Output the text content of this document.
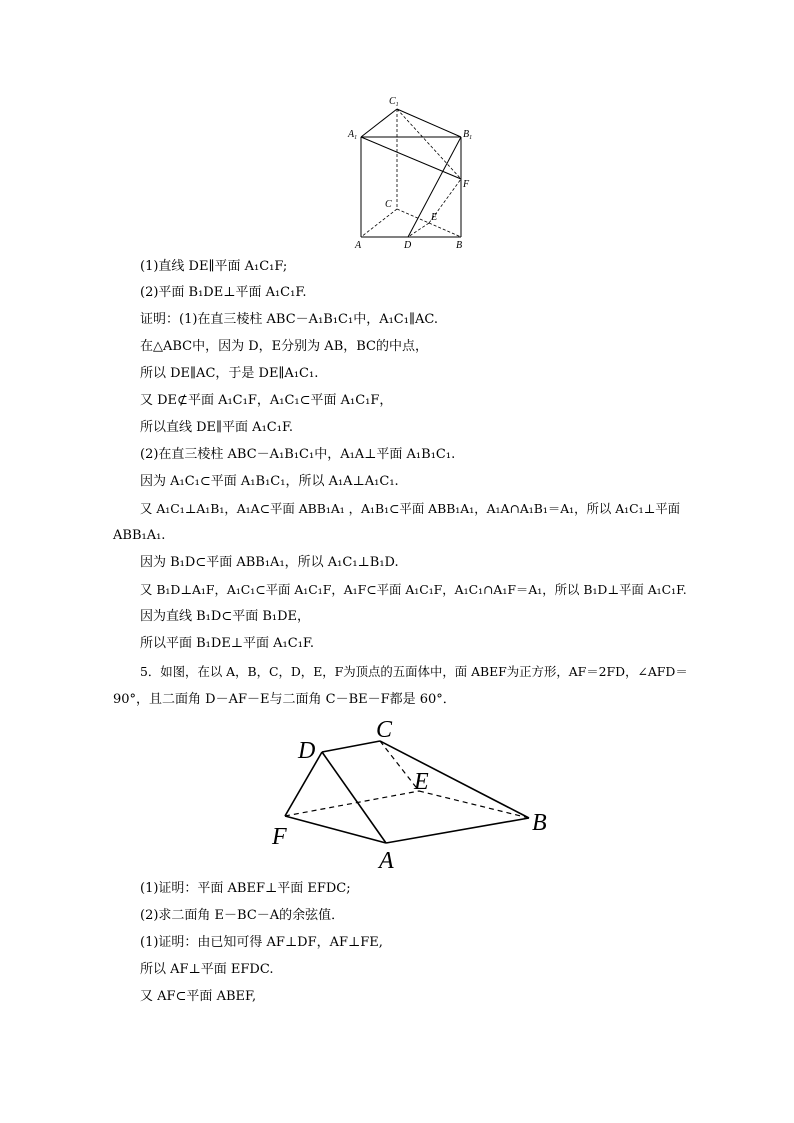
$C_1$
$A_1$	$B_1$
F
C
E
A	D	B
(1)直线 DE∥平面 A₁C₁F;
(2)平面 B₁DE⊥平面 A₁C₁F.
证明：(1)在直三棱柱 ABC－A₁B₁C₁中，A₁C₁∥AC.
在△ABC中，因为 D，E分别为 AB，BC的中点，
所以 DE∥AC，于是 DE∥A₁C₁.
又 DE⊄平面 A₁C₁F，A₁C₁⊂平面 A₁C₁F，
所以直线 DE∥平面 A₁C₁F.
(2)在直三棱柱 ABC－A₁B₁C₁中，A₁A⊥平面 A₁B₁C₁.
因为 A₁C₁⊂平面 A₁B₁C₁，所以 A₁A⊥A₁C₁.
又 A₁C₁⊥A₁B₁，A₁A⊂平面 ABB₁A₁ ，A₁B₁⊂平面 ABB₁A₁，A₁A∩A₁B₁＝A₁，所以 A₁C₁⊥平面
ABB₁A₁.
因为 B₁D⊂平面 ABB₁A₁，所以 A₁C₁⊥B₁D.
又 B₁D⊥A₁F，A₁C₁⊂平面 A₁C₁F，A₁F⊂平面 A₁C₁F，A₁C₁∩A₁F＝A₁，所以 B₁D⊥平面 A₁C₁F.
因为直线 B₁D⊂平面 B₁DE，
所以平面 B₁DE⊥平面 A₁C₁F.
5．如图，在以 A，B，C，D，E，F为顶点的五面体中，面 ABEF为正方形，AF＝2FD，∠AFD＝
90°，且二面角 D－AF－E与二面角 C－BE－F都是 60°．
D
C
E
B
F
A
(1)证明：平面 ABEF⊥平面 EFDC;
(2)求二面角 E－BC－A的余弦值．
(1)证明：由已知可得 AF⊥DF，AF⊥FE,
所以 AF⊥平面 EFDC.
又 AF⊂平面 ABEF,
